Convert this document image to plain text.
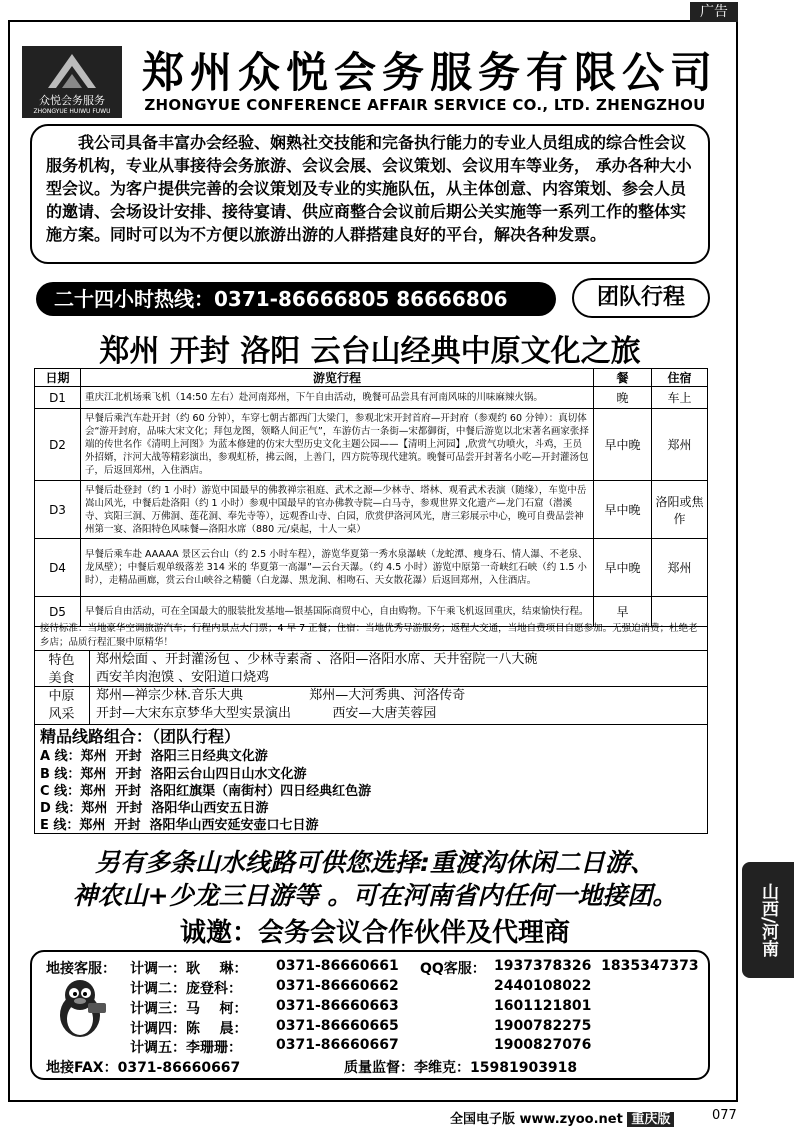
广告
众悦会务服务
ZHONGYUE HUIWU FUWU
郑州众悦会务服务有限公司
ZHONGYUE CONFERENCE AFFAIR SERVICE CO., LTD. ZHENGZHOU
我公司具备丰富办会经验、娴熟社交技能和完备执行能力的专业人员组成的综合性会议服务机构，专业从事接待会务旅游、会议会展、会议策划、会议用车等业务， 承办各种大小型会议。为客户提供完善的会议策划及专业的实施队伍，从主体创意、内容策划、参会人员的邀请、会场设计安排、接待宴请、供应商整合会议前后期公关实施等一系列工作的整体实施方案。同时可以为不方便以旅游出游的人群搭建良好的平台，解决各种发票。
二十四小时热线：0371-86666805 86666806	团队行程
郑州 开封 洛阳 云台山经典中原文化之旅
日期	游览行程	餐	住宿
D1	重庆江北机场乘飞机（14:50 左右）赴河南郑州，下午自由活动，晚餐可品尝具有河南风味的川味麻辣火锅。	晚	车上
D2	早餐后乘汽车赴开封（约 60 分钟），车穿七朝古都西门大梁门，参观北宋开封首府—开封府（参观约 60 分钟）：真切体会“游开封府，品味大宋文化；拜包龙图，领略人间正气”，车游仿古一条街—宋都御街，中餐后游览以北宋著名画家张择端的传世名作《清明上河图》为蓝本修建的仿宋大型历史文化主题公园——【清明上河园】,欣赏气功喷火，斗鸡，王员外招婿，汴河大战等精彩演出，参观虹桥，拂云阁，上善门，四方院等现代建筑。晚餐可品尝开封著名小吃—开封灌汤包子，后返回郑州，入住酒店。	早中晚	郑州
D3	早餐后赴登封（约 1 小时）游览中国最早的佛教禅宗祖庭、武术之源—少林寺、塔林、观看武术表演（随缘），车览中岳嵩山风光，中餐后赴洛阳（约 1 小时）参观中国最早的官办佛教寺院—白马寺，参观世界文化遗产—龙门石窟（潜溪寺、宾阳三洞、万佛洞、莲花洞、奉先寺等），远观香山寺、白园，欣赏伊洛河风光，唐三彩展示中心，晚可自费品尝神州第一宴、洛阳特色风味餐—洛阳水席（880 元/桌起，十人一桌）	早中晚	洛阳或焦作
D4	早餐后乘车赴 AAAAA 景区云台山（约 2.5 小时车程），游览华夏第一秀水泉瀑峡（龙蛇潭、瘦身石、情人瀑、不老泉、龙凤壁）；中餐后观单级落差 314 米的 华夏第一高瀑”—云台天瀑。（约 4.5 小时）游览中原第一奇峡红石峡（约 1.5 小时），走精品画廊，赏云台山峡谷之精髓（白龙瀑、黑龙涧、相吻石、天女散花瀑）后返回郑州，入住酒店。	早中晚	郑州
D5	早餐后自由活动，可在全国最大的服装批发基地—银基国际商贸中心，自由购物。下午乘飞机返回重庆，结束愉快行程。	早	
接待标准：当地豪华空调旅游汽车；行程内景点大门票；4 早 7 正餐；住宿：当地优秀导游服务；返程大交通，当地自费项目自愿参加。无强迫消费；杜绝老乡店；品质行程汇聚中原精华！
特色
美食
郑州烩面 、开封灌汤包 、少林寺素斋 、洛阳—洛阳水席、天井窑院一八大碗
西安羊肉泡馍 、安阳道口烧鸡
中原
风采
郑州—禅宗少林.音乐大典                郑州—大河秀典、河洛传奇
开封—大宋东京梦华大型实景演出          西安—大唐芙蓉园
精品线路组合：（团队行程）
A 线：郑州  开封  洛阳三日经典文化游
B 线：郑州  开封  洛阳云台山四日山水文化游
C 线：郑州  开封  洛阳红旗渠（南街村）四日经典红色游
D 线：郑州  开封  洛阳华山西安五日游
E 线：郑州  开封  洛阳华山西安延安壶口七日游
另有多条山水线路可供您选择:重渡沟休闲二日游、
神农山+少龙三日游等 。可在河南省内任何一地接团。
诚邀：会务会议合作伙伴及代理商
地接客服： 计调一： 耿    琳： 0371-86660661
计调二： 庞登科： 0371-86660662
计调三： 马    柯： 0371-86660663
计调四： 陈    晨： 0371-86660665
计调五： 李珊珊： 0371-86660667
QQ客服： 1937378326  1835347373
2440108022
1601121801
1900782275
1900827076
地接FAX：0371-86660667	质量监督：李维克：15981903918
山西/河南
全国电子版 www.zyoo.net 重庆版	077
